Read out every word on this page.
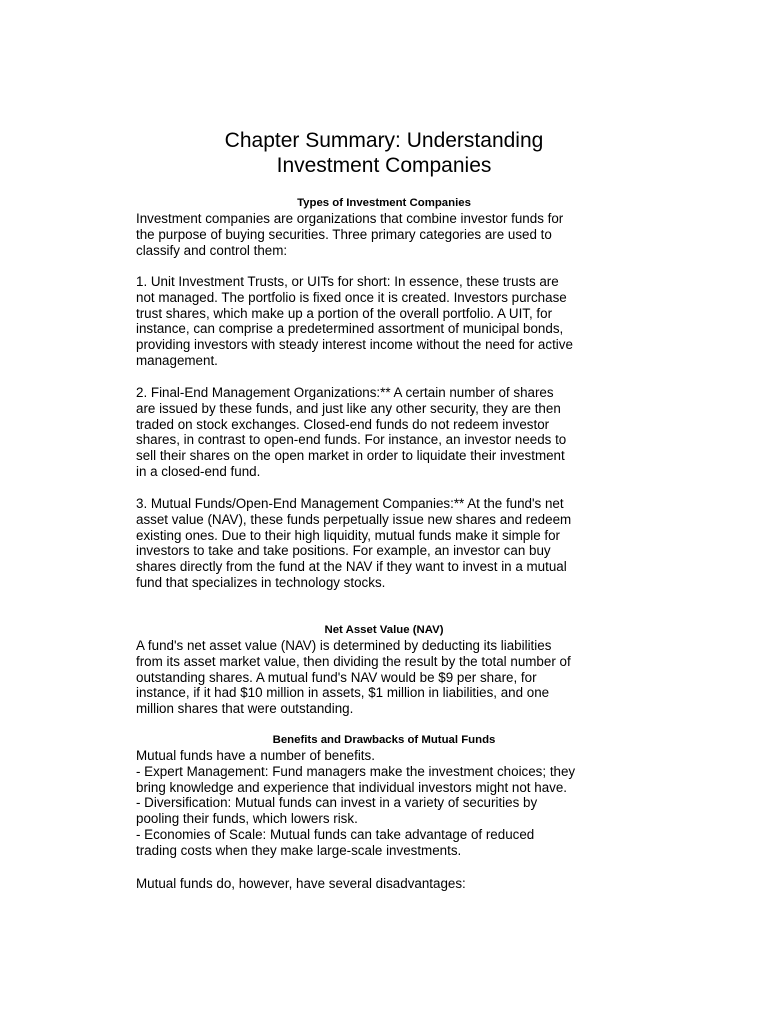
Chapter Summary: Understanding
Investment Companies
Types of Investment Companies

Investment companies are organizations that combine investor funds for
the purpose of buying securities. Three primary categories are used to
classify and control them:

1. Unit Investment Trusts, or UITs for short: In essence, these trusts are
not managed. The portfolio is fixed once it is created. Investors purchase
trust shares, which make up a portion of the overall portfolio. A UIT, for
instance, can comprise a predetermined assortment of municipal bonds,
providing investors with steady interest income without the need for active
management.

2. Final-End Management Organizations:** A certain number of shares
are issued by these funds, and just like any other security, they are then
traded on stock exchanges. Closed-end funds do not redeem investor
shares, in contrast to open-end funds. For instance, an investor needs to
sell their shares on the open market in order to liquidate their investment
in a closed-end fund.

3. Mutual Funds/Open-End Management Companies:** At the fund's net
asset value (NAV), these funds perpetually issue new shares and redeem
existing ones. Due to their high liquidity, mutual funds make it simple for
investors to take and take positions. For example, an investor can buy
shares directly from the fund at the NAV if they want to invest in a mutual
fund that specializes in technology stocks.

Net Asset Value (NAV)

A fund's net asset value (NAV) is determined by deducting its liabilities
from its asset market value, then dividing the result by the total number of
outstanding shares. A mutual fund's NAV would be $9 per share, for
instance, if it had $10 million in assets, $1 million in liabilities, and one
million shares that were outstanding.

Benefits and Drawbacks of Mutual Funds

Mutual funds have a number of benefits.
- Expert Management: Fund managers make the investment choices; they
bring knowledge and experience that individual investors might not have.
- Diversification: Mutual funds can invest in a variety of securities by
pooling their funds, which lowers risk.
- Economies of Scale: Mutual funds can take advantage of reduced
trading costs when they make large-scale investments.

Mutual funds do, however, have several disadvantages:
